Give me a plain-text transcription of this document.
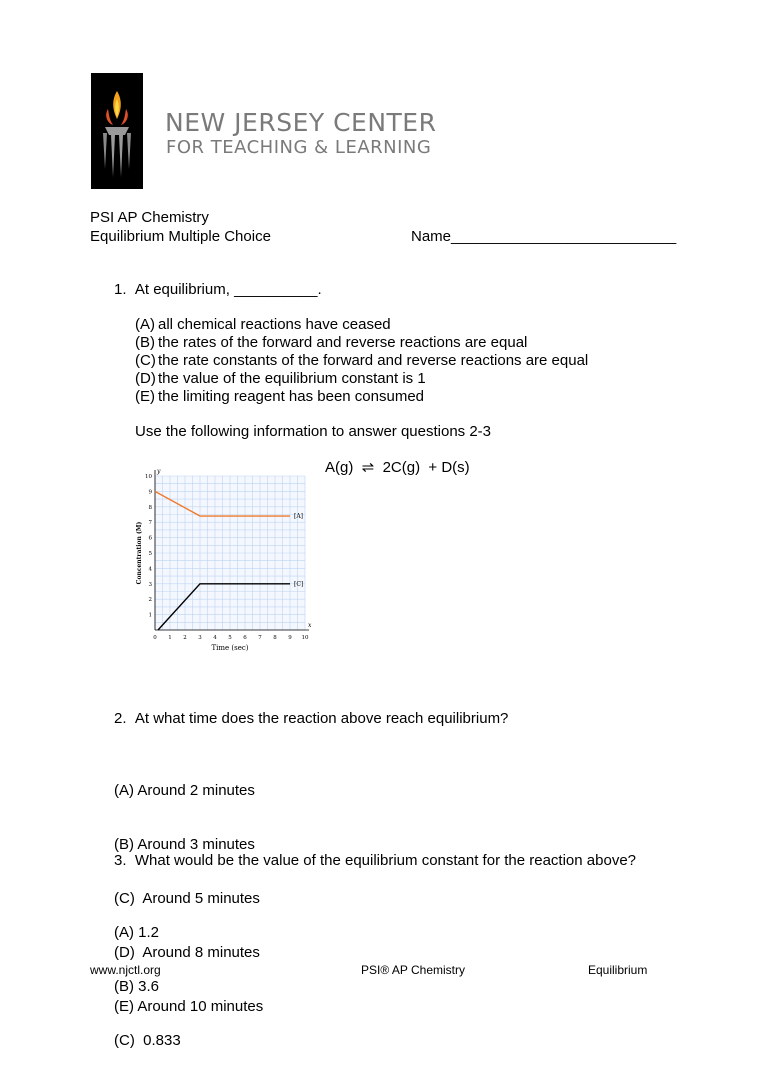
NEW JERSEY CENTER
FOR TEACHING & LEARNING
PSI AP Chemistry
Equilibrium Multiple Choice	Name___________________________
1. At equilibrium, __________.
(A) all chemical reactions have ceased
(B) the rates of the forward and reverse reactions are equal
(C) the rate constants of the forward and reverse reactions are equal
(D) the value of the equilibrium constant is 1
(E) the limiting reagent has been consumed
Use the following information to answer questions 2-3
A(g)  ⇌  2C(g)  + D(s)
x
y
0 1 2 3 4 5 6 7 8 9 10
1
2
3
4
5
6
7
8
9
10
Time (sec)
Concentration (M)
[A]
[C]
2. At what time does the reaction above reach equilibrium?

(A) Around 2 minutes

(B) Around 3 minutes

(C)  Around 5 minutes

(D)  Around 8 minutes

(E) Around 10 minutes

3. What would be the value of the equilibrium constant for the reaction above?

(A) 1.2

(B) 3.6

(C)  0.833

www.njctl.org	PSI® AP Chemistry	Equilibrium
